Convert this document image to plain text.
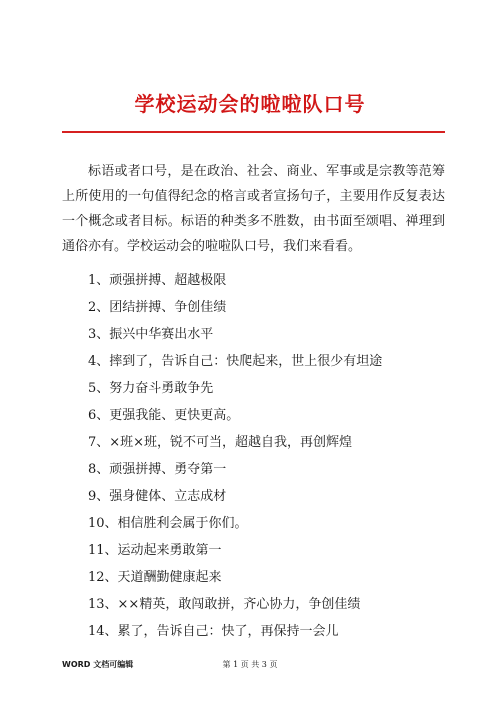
学校运动会的啦啦队口号

标语或者口号，是在政治、社会、商业、军事或是宗教等范筹上所使用的一句值得纪念的格言或者宣扬句子，主要用作反复表达一个概念或者目标。标语的种类多不胜数，由书面至颂唱、禅理到通俗亦有。学校运动会的啦啦队口号，我们来看看。

1、顽强拼搏、超越极限
2、团结拼搏、争创佳绩
3、振兴中华赛出水平
4、摔到了，告诉自己：快爬起来，世上很少有坦途
5、努力奋斗勇敢争先
6、更强我能、更快更高。
7、×班×班，锐不可当，超越自我，再创辉煌
8、顽强拼搏、勇夺第一
9、强身健体、立志成材
10、相信胜利会属于你们。
11、运动起来勇敢第一
12、天道酬勤健康起来
13、××精英，敢闯敢拼，齐心协力，争创佳绩
14、累了，告诉自己：快了，再保持一会儿
WORD 文档可编辑	第 1 页 共 3 页
